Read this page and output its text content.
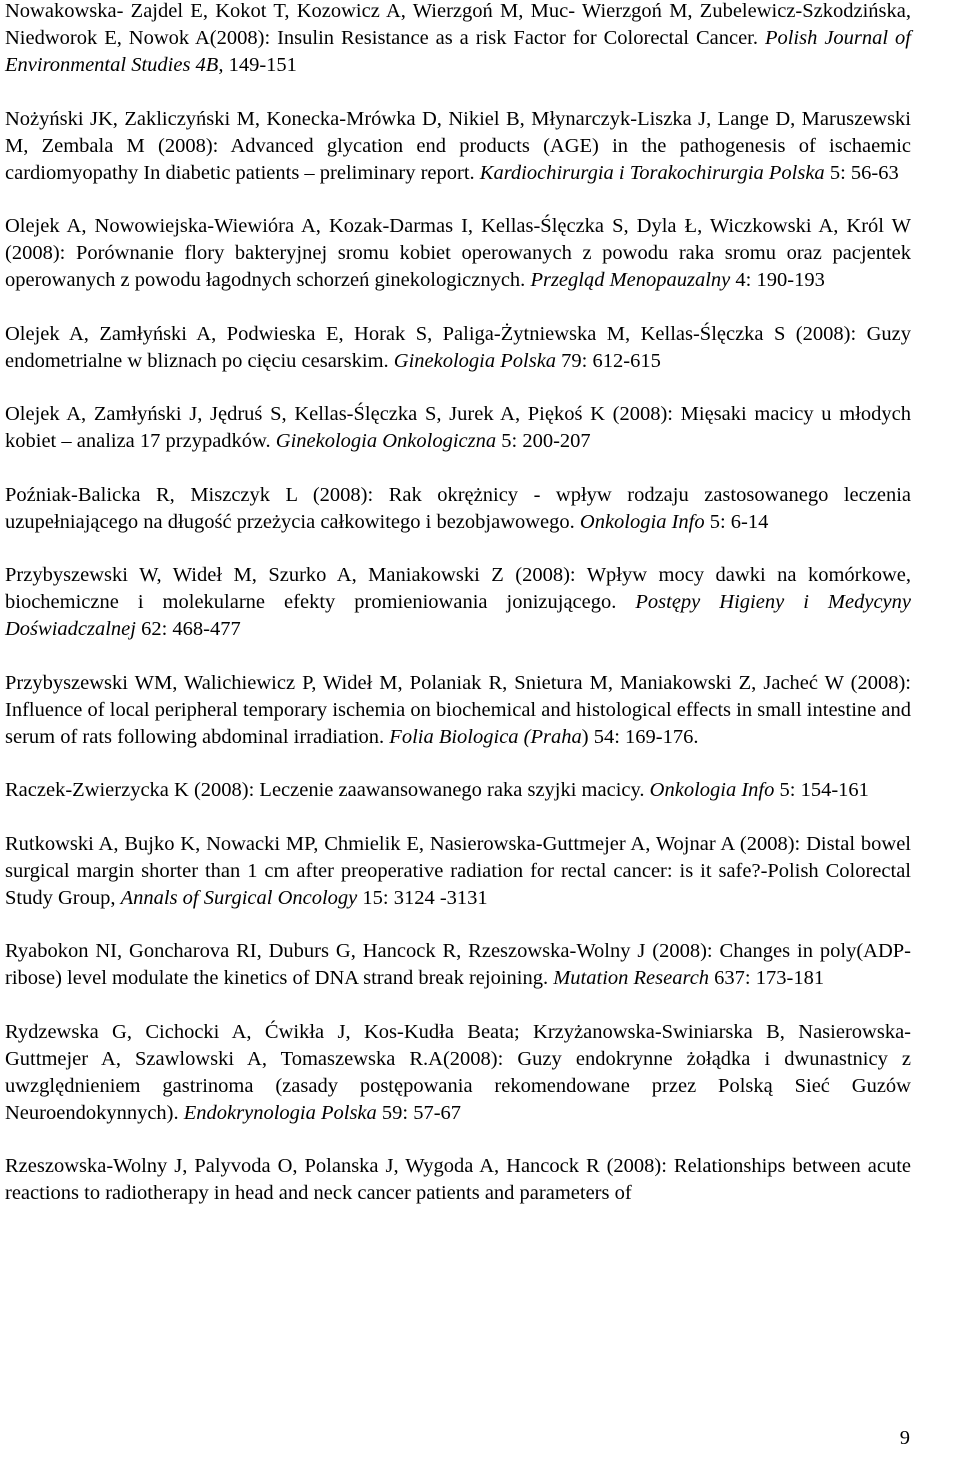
Nowakowska- Zajdel E, Kokot T, Kozowicz A, Wierzgoń M, Muc- Wierzgoń M, Zubelewicz-Szkodzińska, Niedworok E, Nowok A(2008): Insulin Resistance as a risk Factor for Colorectal Cancer. Polish Journal of Environmental Studies 4B, 149-151

Nożyński JK, Zakliczyński M, Konecka-Mrówka D, Nikiel B, Młynarczyk-Liszka J, Lange D, Maruszewski M, Zembala M (2008): Advanced glycation end products (AGE) in the pathogenesis of ischaemic cardiomyopathy In diabetic patients – preliminary report. Kardiochirurgia i Torakochirurgia Polska 5: 56-63

Olejek A, Nowowiejska-Wiewióra A, Kozak-Darmas I, Kellas-Ślęczka S, Dyla Ł, Wiczkowski A, Król W (2008): Porównanie flory bakteryjnej sromu kobiet operowanych z powodu raka sromu oraz pacjentek operowanych z powodu łagodnych schorzeń ginekologicznych. Przegląd Menopauzalny 4: 190-193

Olejek A, Zamłyński A, Podwieska E, Horak S, Paliga-Żytniewska M, Kellas-Ślęczka S (2008): Guzy endometrialne w bliznach po cięciu cesarskim. Ginekologia Polska 79: 612-615

Olejek A, Zamłyński J, Jędruś S, Kellas-Ślęczka S, Jurek A, Piękoś K (2008): Mięsaki macicy u młodych kobiet – analiza 17 przypadków. Ginekologia Onkologiczna 5: 200-207

Poźniak-Balicka R, Miszczyk L (2008): Rak okrężnicy - wpływ rodzaju zastosowanego leczenia uzupełniającego na długość przeżycia całkowitego i bezobjawowego. Onkologia Info 5: 6-14

Przybyszewski W, Wideł M, Szurko A, Maniakowski Z (2008): Wpływ mocy dawki na komórkowe, biochemiczne i molekularne efekty promieniowania jonizującego. Postępy Higieny i Medycyny Doświadczalnej 62: 468-477

Przybyszewski WM, Walichiewicz P, Wideł M, Polaniak R, Snietura M, Maniakowski Z, Jacheć W (2008): Influence of local peripheral temporary ischemia on biochemical and histological effects in small intestine and serum of rats following abdominal irradiation. Folia Biologica (Praha) 54: 169-176.

Raczek-Zwierzycka K (2008): Leczenie zaawansowanego raka szyjki macicy. Onkologia Info 5: 154-161

Rutkowski A, Bujko K, Nowacki MP, Chmielik E, Nasierowska-Guttmejer A, Wojnar A (2008): Distal bowel surgical margin shorter than 1 cm after preoperative radiation for rectal cancer: is it safe?-Polish Colorectal Study Group, Annals of Surgical Oncology 15: 3124 -3131

Ryabokon NI, Goncharova RI, Duburs G, Hancock R, Rzeszowska-Wolny J (2008): Changes in poly(ADP-ribose) level modulate the kinetics of DNA strand break rejoining. Mutation Research 637: 173-181

Rydzewska G, Cichocki A, Ćwikła J, Kos-Kudła Beata; Krzyżanowska-Swiniarska B, Nasierowska-Guttmejer A, Szawlowski A, Tomaszewska R.A(2008): Guzy endokrynne żołądka i dwunastnicy z uwzględnieniem gastrinoma (zasady postępowania rekomendowane przez Polską Sieć Guzów Neuroendokynnych). Endokrynologia Polska 59: 57-67

Rzeszowska-Wolny J, Palyvoda O, Polanska J, Wygoda A, Hancock R (2008): Relationships between acute reactions to radiotherapy in head and neck cancer patients and parameters of

9
